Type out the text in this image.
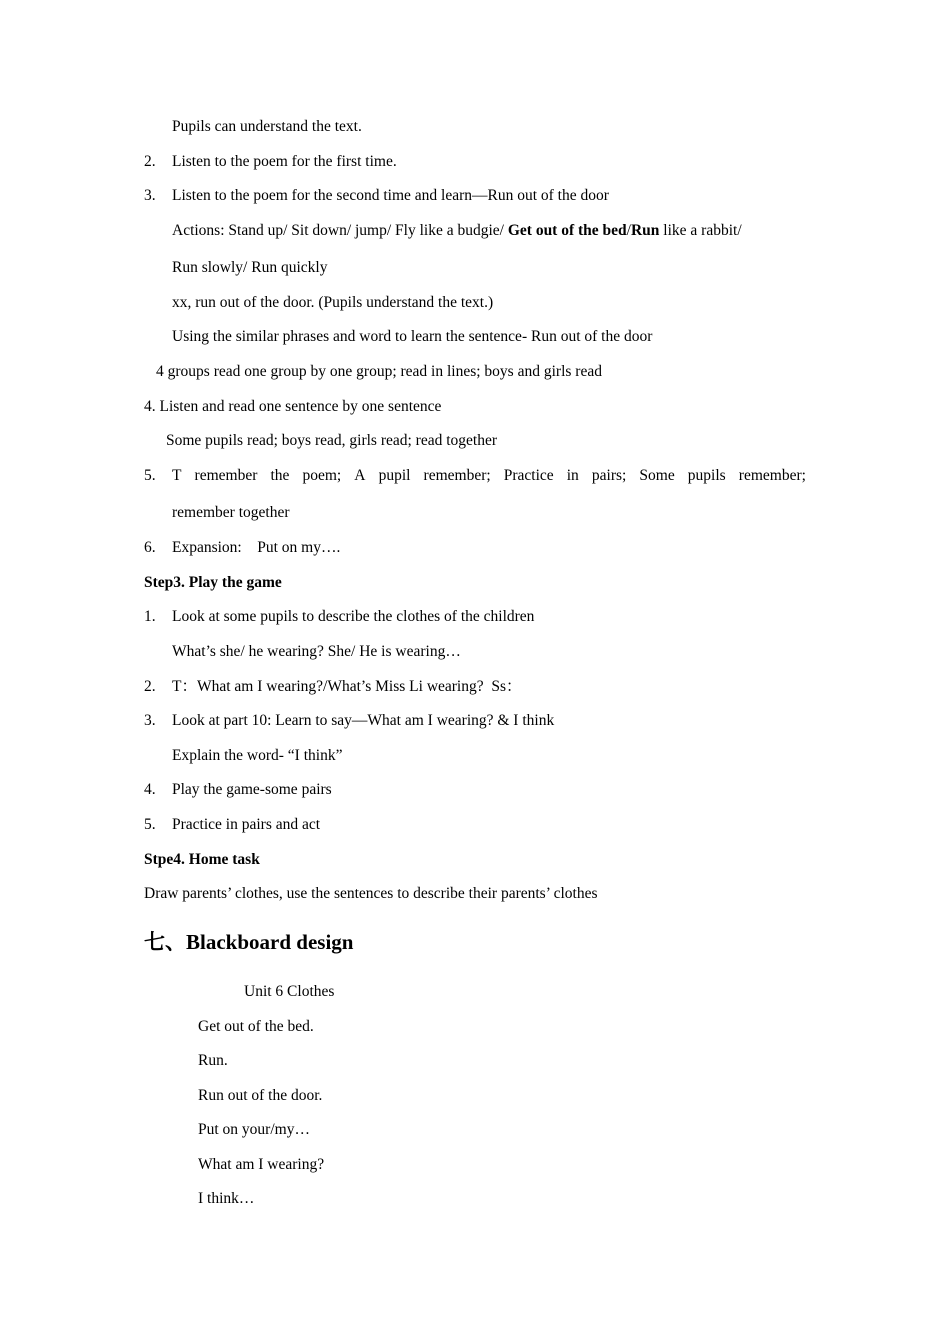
Pupils can understand the text.
2. Listen to the poem for the first time.
3. Listen to the poem for the second time and learn—Run out of the door
Actions: Stand up/ Sit down/ jump/ Fly like a budgie/ Get out of the bed/Run like a rabbit/
Run slowly/ Run quickly
xx, run out of the door. (Pupils understand the text.)
Using the similar phrases and word to learn the sentence- Run out of the door
4 groups read one group by one group; read in lines; boys and girls read
4. Listen and read one sentence by one sentence
Some pupils read; boys read, girls read; read together
5. T remember the poem; A pupil remember; Practice in pairs; Some pupils remember;
remember together
6. Expansion:    Put on my….
Step3. Play the game
1. Look at some pupils to describe the clothes of the children
What’s she/ he wearing? She/ He is wearing…
2. T：What am I wearing?/What’s Miss Li wearing?  Ss：
3. Look at part 10: Learn to say—What am I wearing? & I think
Explain the word- “I think”
4. Play the game-some pairs
5. Practice in pairs and act
Stpe4. Home task
Draw parents’ clothes, use the sentences to describe their parents’ clothes
七、Blackboard design
Unit 6 Clothes
Get out of the bed.
Run.
Run out of the door.
Put on your/my…
What am I wearing?
I think…
